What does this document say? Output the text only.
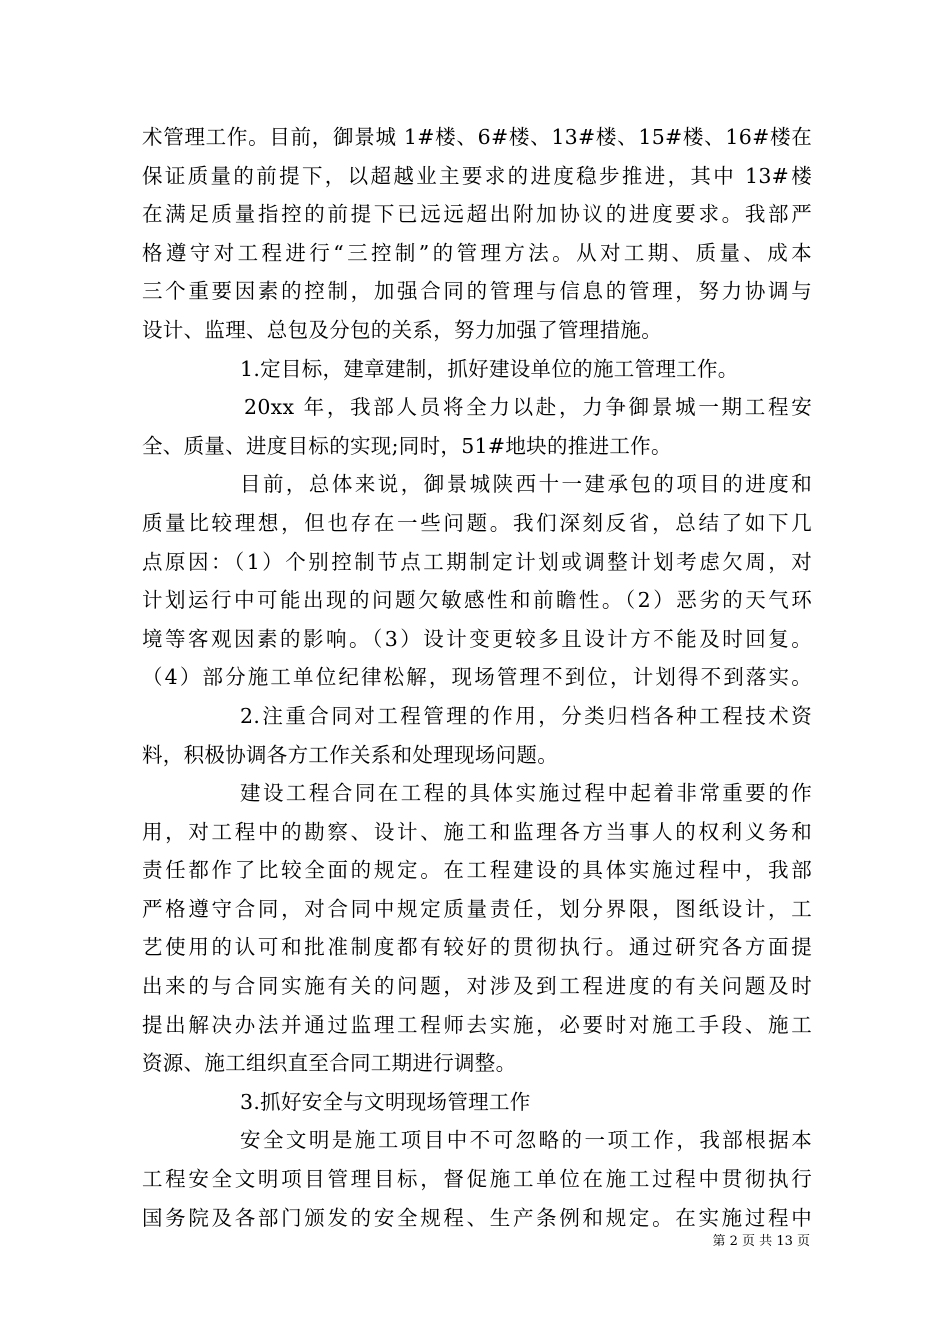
术管理工作。目前，御景城 1#楼、6#楼、13#楼、15#楼、16#楼在
保证质量的前提下，以超越业主要求的进度稳步推进，其中 13#楼
在满足质量指控的前提下已远远超出附加协议的进度要求。我部严
格遵守对工程进行“三控制”的管理方法。从对工期、质量、成本
三个重要因素的控制，加强合同的管理与信息的管理，努力协调与
设计、监理、总包及分包的关系，努力加强了管理措施。
1.定目标，建章建制，抓好建设单位的施工管理工作。
20xx 年，我部人员将全力以赴，力争御景城一期工程安
全、质量、进度目标的实现;同时，51#地块的推进工作。
目前，总体来说，御景城陕西十一建承包的项目的进度和
质量比较理想，但也存在一些问题。我们深刻反省，总结了如下几
点原因：（1）个别控制节点工期制定计划或调整计划考虑欠周，对
计划运行中可能出现的问题欠敏感性和前瞻性。（2）恶劣的天气环
境等客观因素的影响。（3）设计变更较多且设计方不能及时回复。
（4）部分施工单位纪律松解，现场管理不到位，计划得不到落实。
2.注重合同对工程管理的作用，分类归档各种工程技术资
料，积极协调各方工作关系和处理现场问题。
建设工程合同在工程的具体实施过程中起着非常重要的作
用，对工程中的勘察、设计、施工和监理各方当事人的权利义务和
责任都作了比较全面的规定。在工程建设的具体实施过程中，我部
严格遵守合同，对合同中规定质量责任，划分界限，图纸设计，工
艺使用的认可和批准制度都有较好的贯彻执行。通过研究各方面提
出来的与合同实施有关的问题，对涉及到工程进度的有关问题及时
提出解决办法并通过监理工程师去实施，必要时对施工手段、施工
资源、施工组织直至合同工期进行调整。
3.抓好安全与文明现场管理工作
安全文明是施工项目中不可忽略的一项工作，我部根据本
工程安全文明项目管理目标，督促施工单位在施工过程中贯彻执行
国务院及各部门颁发的安全规程、生产条例和规定。在实施过程中
第 2 页 共 13 页
